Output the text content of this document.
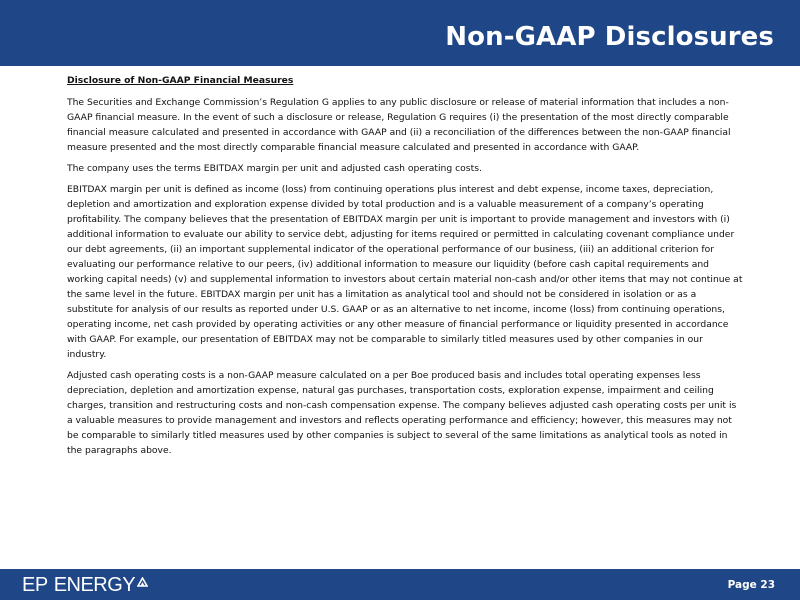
Non-GAAP Disclosures
Disclosure of Non-GAAP Financial Measures

The Securities and Exchange Commission’s Regulation G applies to any public disclosure or release of material information that includes a non-GAAP financial measure. In the event of such a disclosure or release, Regulation G requires (i) the presentation of the most directly comparable financial measure calculated and presented in accordance with GAAP and (ii) a reconciliation of the differences between the non-GAAP financial measure presented and the most directly comparable financial measure calculated and presented in accordance with GAAP.

The company uses the terms EBITDAX margin per unit and adjusted cash operating costs.

EBITDAX margin per unit is defined as income (loss) from continuing operations plus interest and debt expense, income taxes, depreciation, depletion and amortization and exploration expense divided by total production and is a valuable measurement of a company’s operating profitability. The company believes that the presentation of EBITDAX margin per unit is important to provide management and investors with (i) additional information to evaluate our ability to service debt, adjusting for items required or permitted in calculating covenant compliance under our debt agreements, (ii) an important supplemental indicator of the operational performance of our business, (iii) an additional criterion for evaluating our performance relative to our peers, (iv) additional information to measure our liquidity (before cash capital requirements and working capital needs) (v) and supplemental information to investors about certain material non-cash and/or other items that may not continue at the same level in the future. EBITDAX margin per unit has a limitation as analytical tool and should not be considered in isolation or as a substitute for analysis of our results as reported under U.S. GAAP or as an alternative to net income, income (loss) from continuing operations, operating income, net cash provided by operating activities or any other measure of financial performance or liquidity presented in accordance with GAAP. For example, our presentation of EBITDAX may not be comparable to similarly titled measures used by other companies in our industry.

Adjusted cash operating costs is a non-GAAP measure calculated on a per Boe produced basis and includes total operating expenses less depreciation, depletion and amortization expense, natural gas purchases, transportation costs, exploration expense, impairment and ceiling charges, transition and restructuring costs and non-cash compensation expense. The company believes adjusted cash operating costs per unit is a valuable measures to provide management and investors and reflects operating performance and efficiency; however, this measures may not be comparable to similarly titled measures used by other companies is subject to several of the same limitations as analytical tools as noted in the paragraphs above.

EP ENERGY	Page 23
